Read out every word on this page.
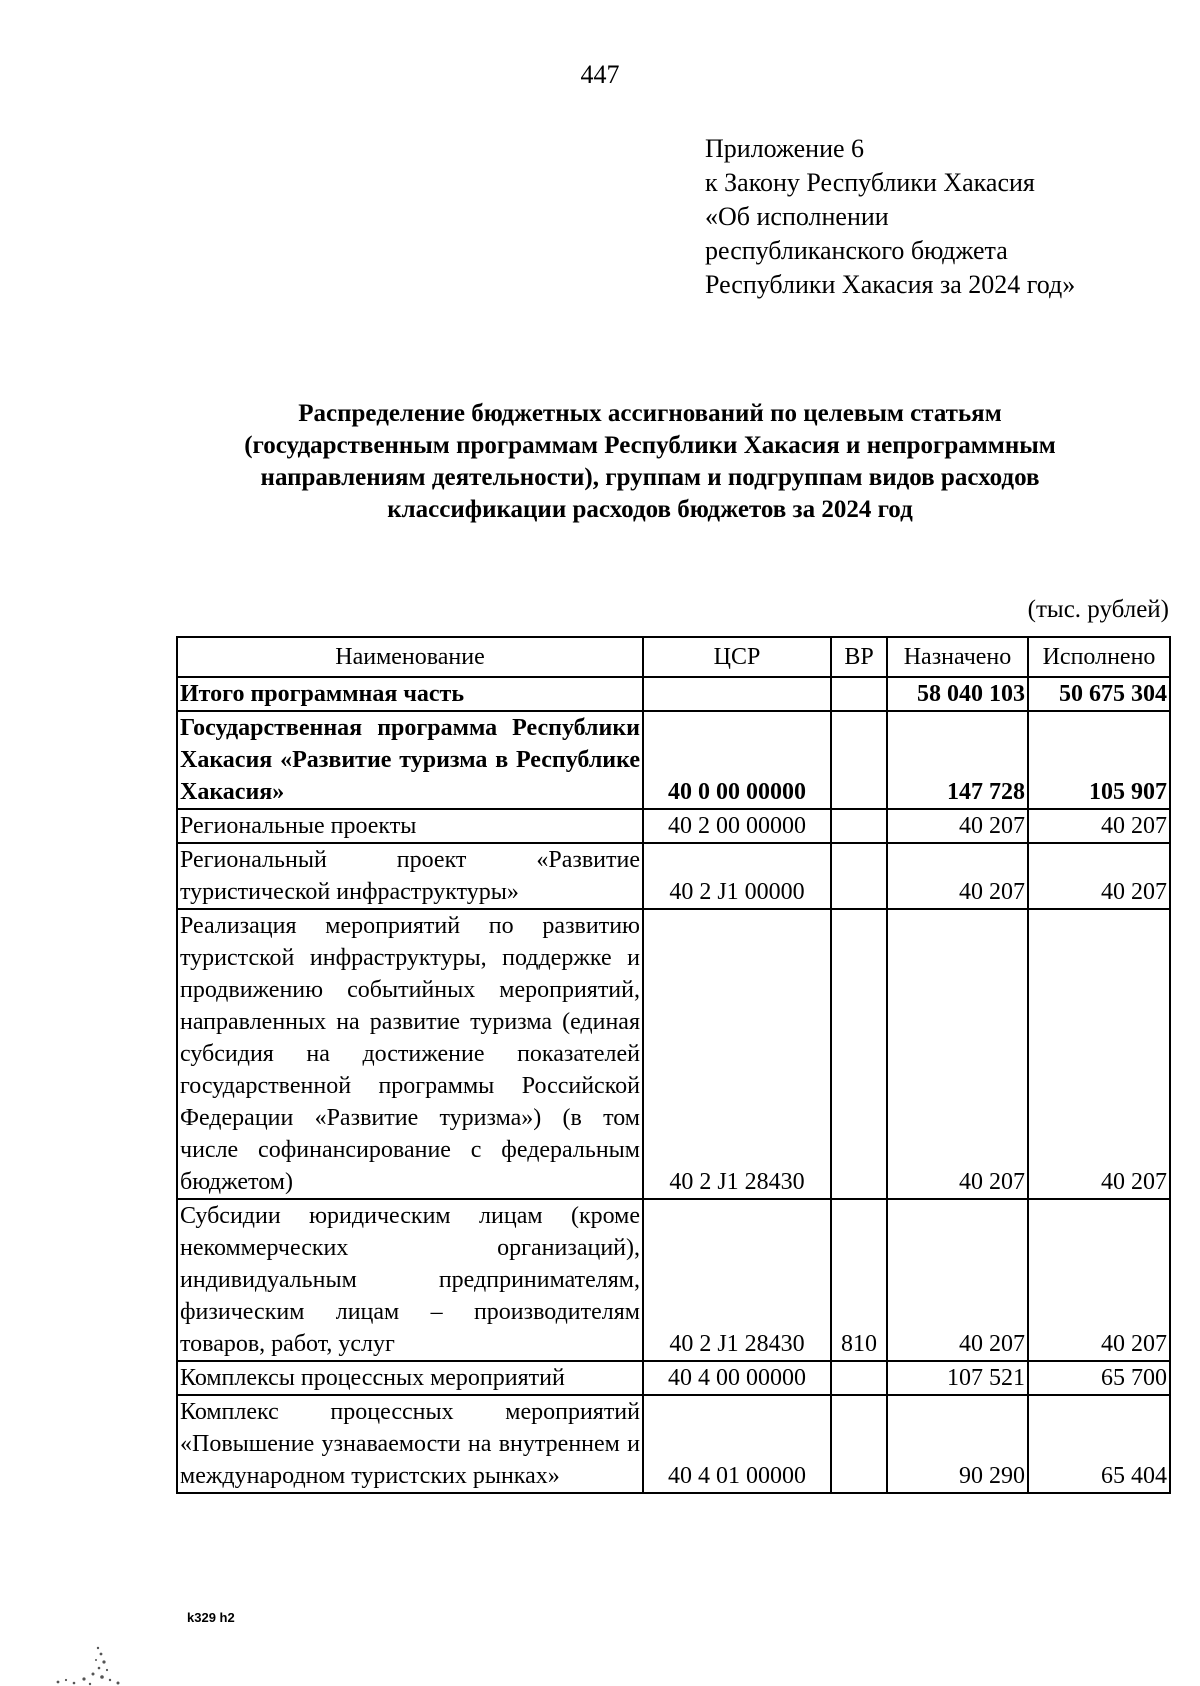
447
Приложение 6
к Закону Республики Хакасия
«Об исполнении
республиканского бюджета
Республики Хакасия за 2024 год»
Распределение бюджетных ассигнований по целевым статьям
(государственным программам Республики Хакасия и непрограммным
направлениям деятельности), группам и подгруппам видов расходов
классификации расходов бюджетов за 2024 год
(тыс. рублей)
Наименование	ЦСР	ВР	Назначено	Исполнено
Итого программная часть			58 040 103	50 675 304
Государственная программа Республики Хакасия «Развитие туризма в Республике Хакасия»	40 0 00 00000		147 728	105 907
Региональные проекты	40 2 00 00000		40 207	40 207
Региональный проект «Развитие туристической инфраструктуры»	40 2 J1 00000		40 207	40 207
Реализация мероприятий по развитию туристской инфраструктуры, поддержке и продвижению событийных мероприятий, направленных на развитие туризма (единая субсидия на достижение показателей государственной программы Российской Федерации «Развитие туризма») (в том числе софинансирование с федеральным бюджетом)	40 2 J1 28430		40 207	40 207
Субсидии юридическим лицам (кроме некоммерческих организаций), индивидуальным предпринимателям, физическим лицам – производителям товаров, работ, услуг	40 2 J1 28430	810	40 207	40 207
Комплексы процессных мероприятий	40 4 00 00000		107 521	65 700
Комплекс процессных мероприятий «Повышение узнаваемости на внутреннем и международном туристских рынках»	40 4 01 00000		90 290	65 404
k329 h2
